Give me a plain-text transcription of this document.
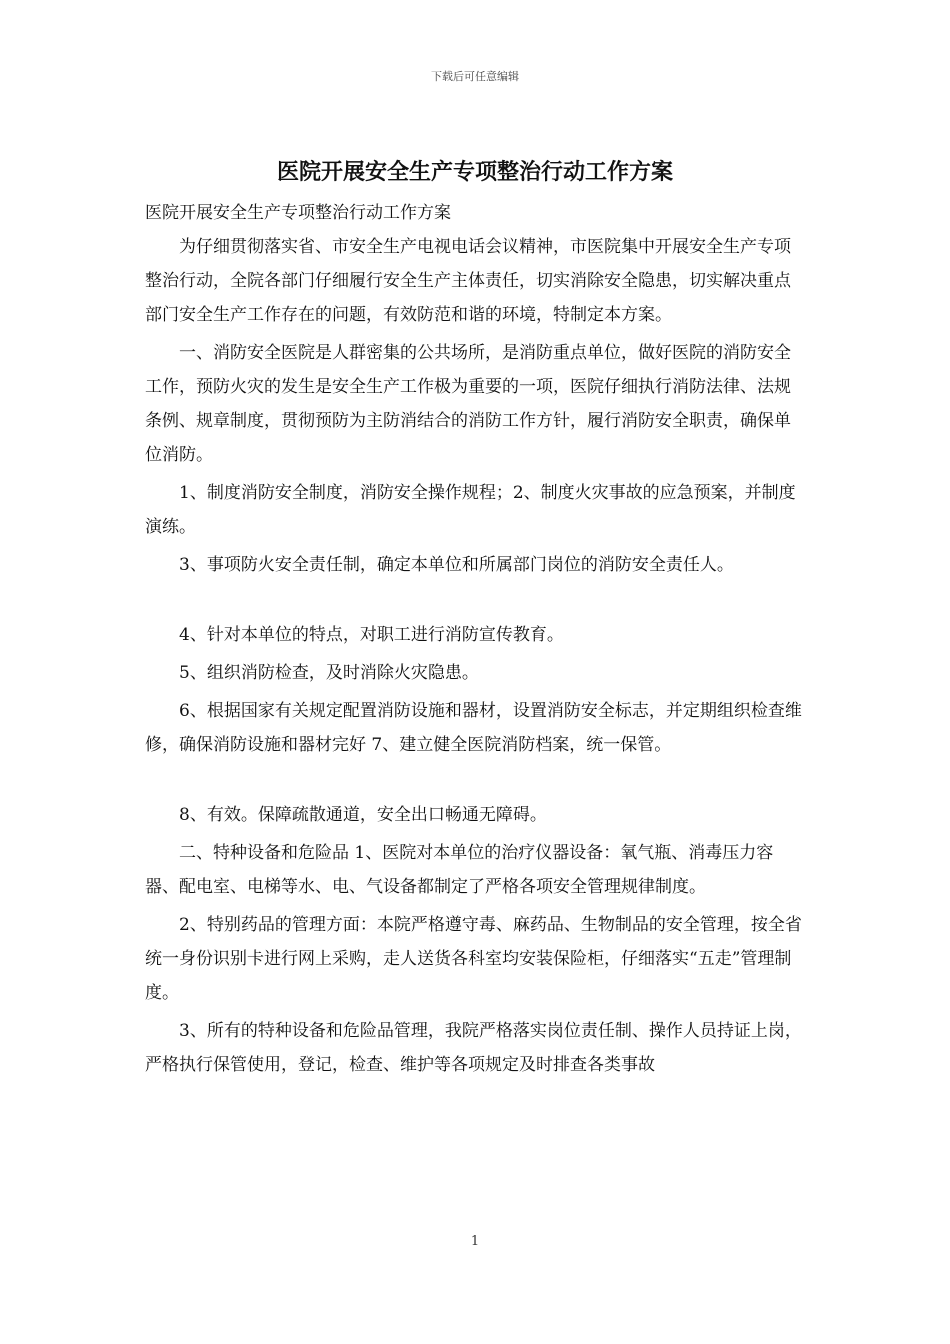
下载后可任意编辑
医院开展安全生产专项整治行动工作方案

医院开展安全生产专项整治行动工作方案

为仔细贯彻落实省、市安全生产电视电话会议精神，市医院集中开展安全生产专项整治行动，全院各部门仔细履行安全生产主体责任，切实消除安全隐患，切实解决重点部门安全生产工作存在的问题，有效防范和谐的环境，特制定本方案。

一、消防安全医院是人群密集的公共场所，是消防重点单位，做好医院的消防安全工作，预防火灾的发生是安全生产工作极为重要的一项，医院仔细执行消防法律、法规条例、规章制度，贯彻预防为主防消结合的消防工作方针，履行消防安全职责，确保单位消防。

1、制度消防安全制度，消防安全操作规程；2、制度火灾事故的应急预案，并制度演练。

3、事项防火安全责任制，确定本单位和所属部门岗位的消防安全责任人。

4、针对本单位的特点，对职工进行消防宣传教育。

5、组织消防检查，及时消除火灾隐患。

6、根据国家有关规定配置消防设施和器材，设置消防安全标志，并定期组织检查维修，确保消防设施和器材完好 7、建立健全医院消防档案，统一保管。

8、有效。保障疏散通道，安全出口畅通无障碍。

二、特种设备和危险品 1、医院对本单位的治疗仪器设备：氧气瓶、消毒压力容器、配电室、电梯等水、电、气设备都制定了严格各项安全管理规律制度。

2、特别药品的管理方面：本院严格遵守毒、麻药品、生物制品的安全管理，按全省统一身份识别卡进行网上采购，走人送货各科室均安装保险柜，仔细落实“五走”管理制度。

3、所有的特种设备和危险品管理，我院严格落实岗位责任制、操作人员持证上岗，严格执行保管使用，登记，检查、维护等各项规定及时排查各类事故

1
